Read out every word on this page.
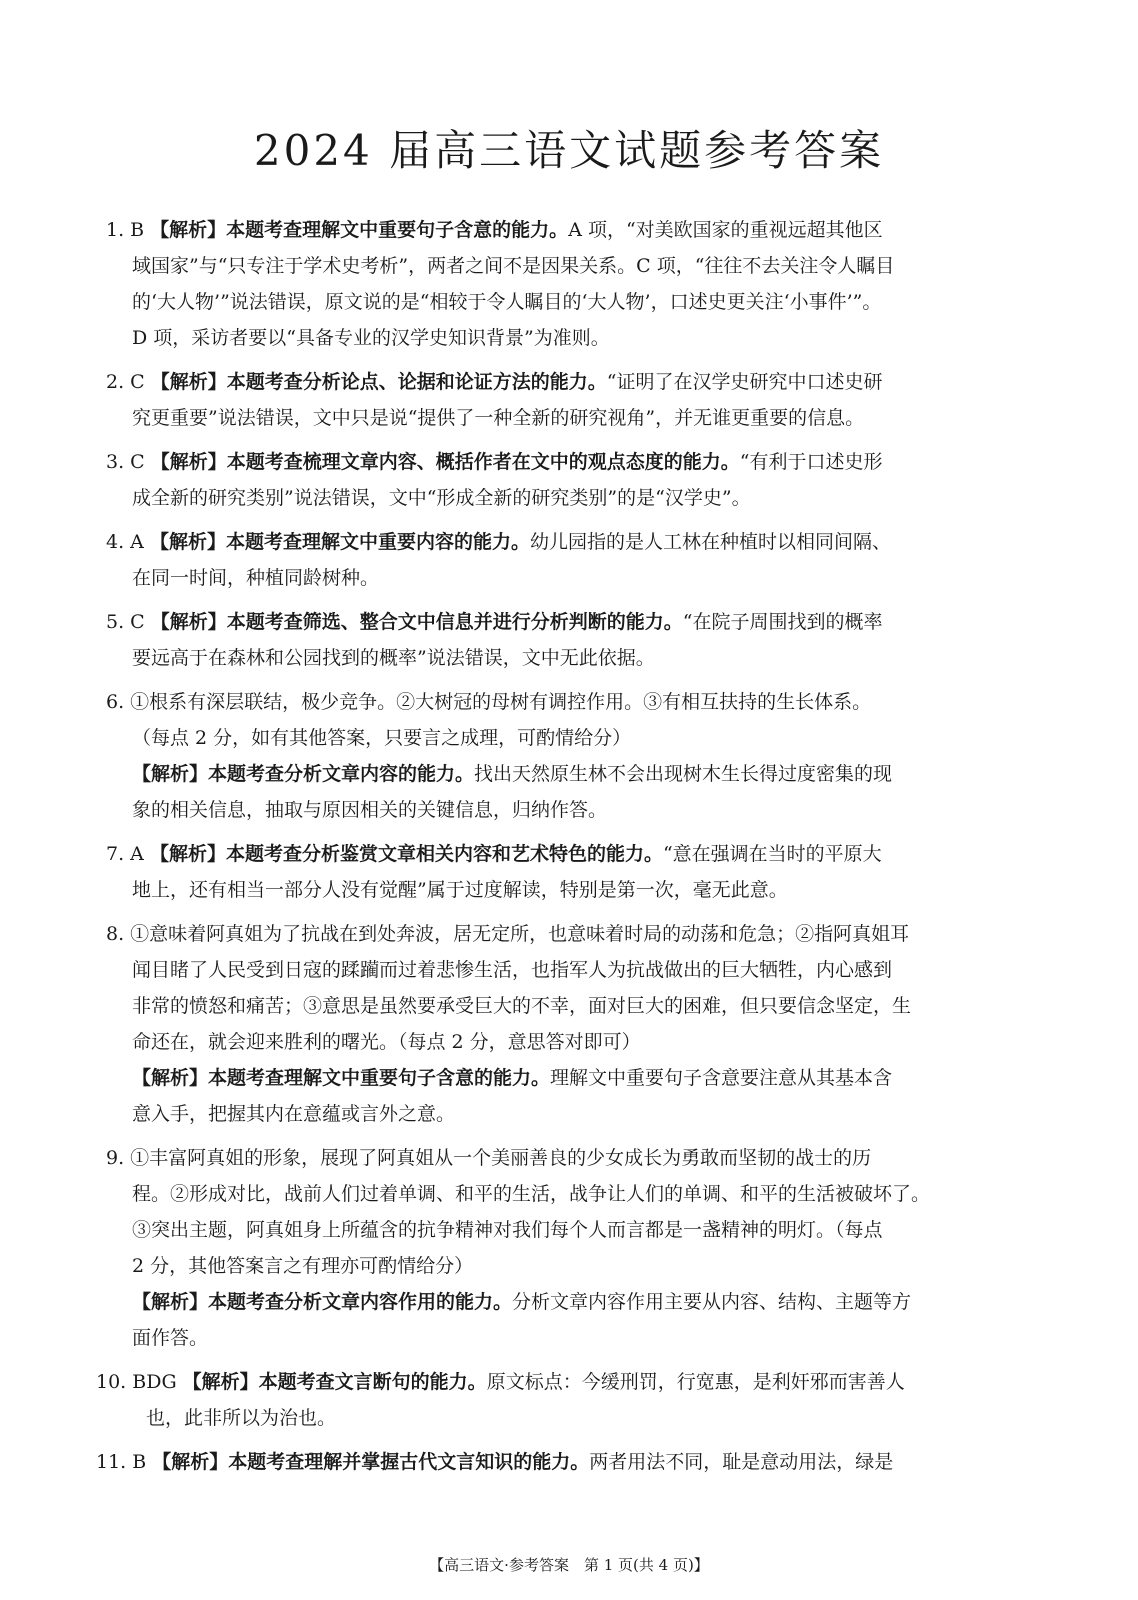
2024 届高三语文试题参考答案
1. B 【解析】本题考查理解文中重要句子含意的能力。A 项，“对美欧国家的重视远超其他区
域国家”与“只专注于学术史考析”，两者之间不是因果关系。C 项，“往往不去关注令人瞩目
的‘大人物’”说法错误，原文说的是“相较于令人瞩目的‘大人物’，口述史更关注‘小事件’”。
D 项，采访者要以“具备专业的汉学史知识背景”为准则。
2. C 【解析】本题考查分析论点、论据和论证方法的能力。“证明了在汉学史研究中口述史研
究更重要”说法错误，文中只是说“提供了一种全新的研究视角”，并无谁更重要的信息。
3. C 【解析】本题考查梳理文章内容、概括作者在文中的观点态度的能力。“有利于口述史形
成全新的研究类别”说法错误，文中“形成全新的研究类别”的是“汉学史”。
4. A 【解析】本题考查理解文中重要内容的能力。幼儿园指的是人工林在种植时以相同间隔、
在同一时间，种植同龄树种。
5. C 【解析】本题考查筛选、整合文中信息并进行分析判断的能力。“在院子周围找到的概率
要远高于在森林和公园找到的概率”说法错误，文中无此依据。
6. ①根系有深层联结，极少竞争。②大树冠的母树有调控作用。③有相互扶持的生长体系。
（每点 2 分，如有其他答案，只要言之成理，可酌情给分）
【解析】本题考查分析文章内容的能力。找出天然原生林不会出现树木生长得过度密集的现
象的相关信息，抽取与原因相关的关键信息，归纳作答。
7. A 【解析】本题考查分析鉴赏文章相关内容和艺术特色的能力。“意在强调在当时的平原大
地上，还有相当一部分人没有觉醒”属于过度解读，特别是第一次，毫无此意。
8. ①意味着阿真姐为了抗战在到处奔波，居无定所，也意味着时局的动荡和危急；②指阿真姐耳
闻目睹了人民受到日寇的蹂躏而过着悲惨生活，也指军人为抗战做出的巨大牺牲，内心感到
非常的愤怒和痛苦；③意思是虽然要承受巨大的不幸，面对巨大的困难，但只要信念坚定，生
命还在，就会迎来胜利的曙光。（每点 2 分，意思答对即可）
【解析】本题考查理解文中重要句子含意的能力。理解文中重要句子含意要注意从其基本含
意入手，把握其内在意蕴或言外之意。
9. ①丰富阿真姐的形象，展现了阿真姐从一个美丽善良的少女成长为勇敢而坚韧的战士的历
程。②形成对比，战前人们过着单调、和平的生活，战争让人们的单调、和平的生活被破坏了。
③突出主题，阿真姐身上所蕴含的抗争精神对我们每个人而言都是一盏精神的明灯。（每点
2 分，其他答案言之有理亦可酌情给分）
【解析】本题考查分析文章内容作用的能力。分析文章内容作用主要从内容、结构、主题等方
面作答。
10. BDG 【解析】本题考查文言断句的能力。原文标点：今缓刑罚，行宽惠，是利奸邪而害善人
也，此非所以为治也。
11. B 【解析】本题考查理解并掌握古代文言知识的能力。两者用法不同，耻是意动用法，绿是
【高三语文·参考答案　第 1 页(共 4 页)】
